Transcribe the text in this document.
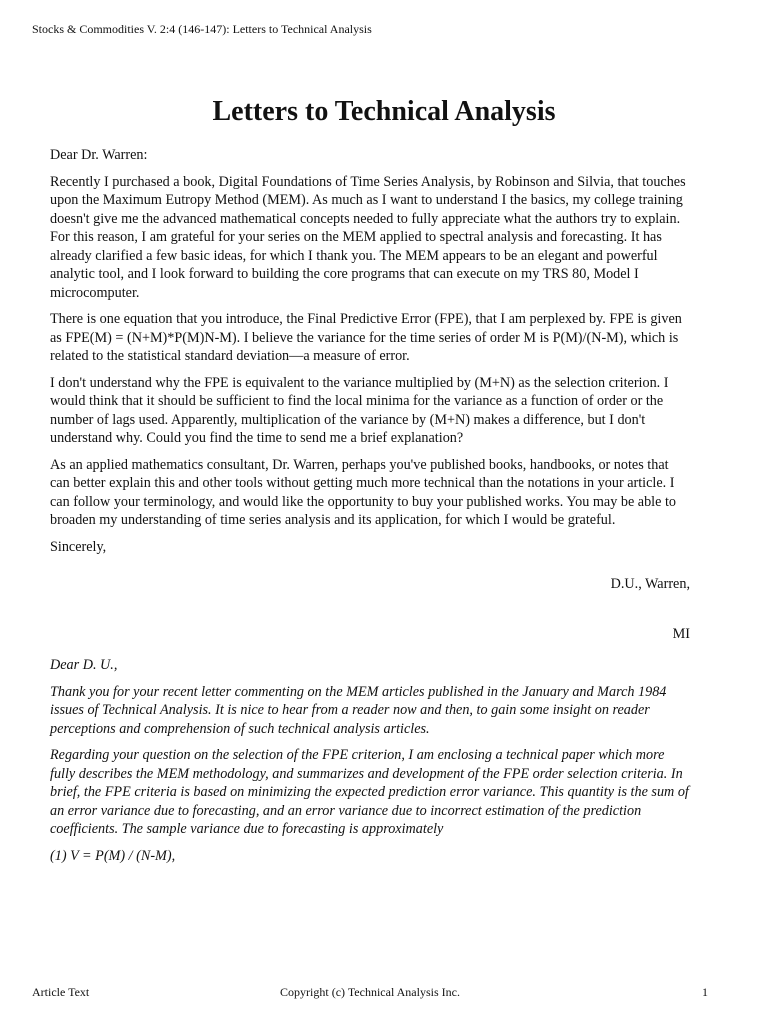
Stocks & Commodities V. 2:4 (146-147): Letters to Technical Analysis
Letters to Technical Analysis

Dear Dr. Warren:

Recently I purchased a book, Digital Foundations of Time Series Analysis, by Robinson and Silvia, that touches upon the Maximum Eutropy Method (MEM). As much as I want to understand I the basics, my college training doesn't give me the advanced mathematical concepts needed to fully appreciate what the authors try to explain. For this reason, I am grateful for your series on the MEM applied to spectral analysis and forecasting. It has already clarified a few basic ideas, for which I thank you. The MEM appears to be an elegant and powerful analytic tool, and I look forward to building the core programs that can execute on my TRS 80, Model I microcomputer.

There is one equation that you introduce, the Final Predictive Error (FPE), that I am perplexed by. FPE is given as FPE(M) = (N+M)*P(M)N-M). I believe the variance for the time series of order M is P(M)/(N-M), which is related to the statistical standard deviation—a measure of error.

I don't understand why the FPE is equivalent to the variance multiplied by (M+N) as the selection criterion. I would think that it should be sufficient to find the local minima for the variance as a function of order or the number of lags used. Apparently, multiplication of the variance by (M+N) makes a difference, but I don't understand why. Could you find the time to send me a brief explanation?

As an applied mathematics consultant, Dr. Warren, perhaps you've published books, handbooks, or notes that can better explain this and other tools without getting much more technical than the notations in your article. I can follow your terminology, and would like the opportunity to buy your published works. You may be able to broaden my understanding of time series analysis and its application, for which I would be grateful.

Sincerely,

D.U., Warren,

MI

Dear D. U.,

Thank you for your recent letter commenting on the MEM articles published in the January and March 1984 issues of Technical Analysis. It is nice to hear from a reader now and then, to gain some insight on reader perceptions and comprehension of such technical analysis articles.

Regarding your question on the selection of the FPE criterion, I am enclosing a technical paper which more fully describes the MEM methodology, and summarizes and development of the FPE order selection criteria. In brief, the FPE criteria is based on minimizing the expected prediction error variance. This quantity is the sum of an error variance due to forecasting, and an error variance due to incorrect estimation of the prediction coefficients. The sample variance due to forecasting is approximately

(1) V = P(M) / (N-M),

Article Text	Copyright (c) Technical Analysis Inc.	1
